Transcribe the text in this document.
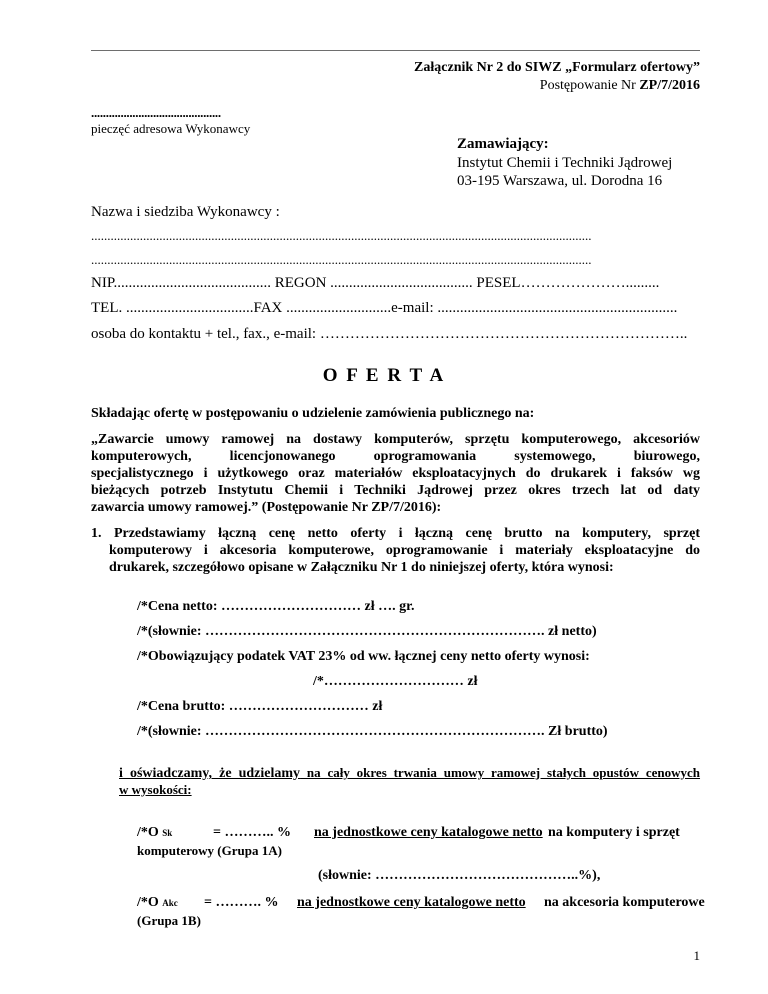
Załącznik Nr 2 do SIWZ „Formularz ofertowy”
Postępowanie Nr ZP/7/2016
............................................
pieczęć adresowa Wykonawcy
Zamawiający:
Instytut Chemii i Techniki Jądrowej
03-195 Warszawa, ul. Dorodna 16
Nazwa i siedziba Wykonawcy :
..........................................................................................................................................................
..........................................................................................................................................................
NIP.......................................... REGON ...................................... PESEL………………….........
TEL. ..................................FAX ............................e-mail: ................................................................
osoba do kontaktu + tel., fax., e-mail: ………………………………………………………………..
O F E R T A
Składając ofertę w postępowaniu o udzielenie zamówienia publicznego na:
„Zawarcie umowy ramowej na dostawy komputerów, sprzętu komputerowego, akcesoriów
komputerowych, licencjonowanego oprogramowania systemowego, biurowego,
specjalistycznego i użytkowego oraz materiałów eksploatacyjnych do drukarek i faksów wg
bieżących potrzeb Instytutu Chemii i Techniki Jądrowej przez okres trzech lat od daty
zawarcia umowy ramowej.” (Postępowanie Nr ZP/7/2016):
1. Przedstawiamy łączną cenę netto oferty i łączną cenę brutto na komputery, sprzęt
komputerowy i akcesoria komputerowe, oprogramowanie i materiały eksploatacyjne do
drukarek, szczegółowo opisane w Załączniku Nr 1 do niniejszej oferty, która wynosi:
/*Cena netto: ………………………… zł …. gr.
/*(słownie: ………………………………………………………………. zł netto)
/*Obowiązujący podatek VAT 23% od ww. łącznej ceny netto oferty wynosi:
/*………………………… zł
/*Cena brutto: ………………………… zł
/*(słownie: ………………………………………………………………. Zł brutto)
i oświadczamy, że udzielamy na cały okres trwania umowy ramowej stałych opustów cenowych
w wysokości:
/*O Sk	= ……….. % na jednostkowe ceny katalogowe netto na komputery i sprzęt
komputerowy (Grupa 1A)
(słownie: ……………………………………..%),
/*O Akc = ………. % na jednostkowe ceny katalogowe netto na akcesoria komputerowe
(Grupa 1B)
1
